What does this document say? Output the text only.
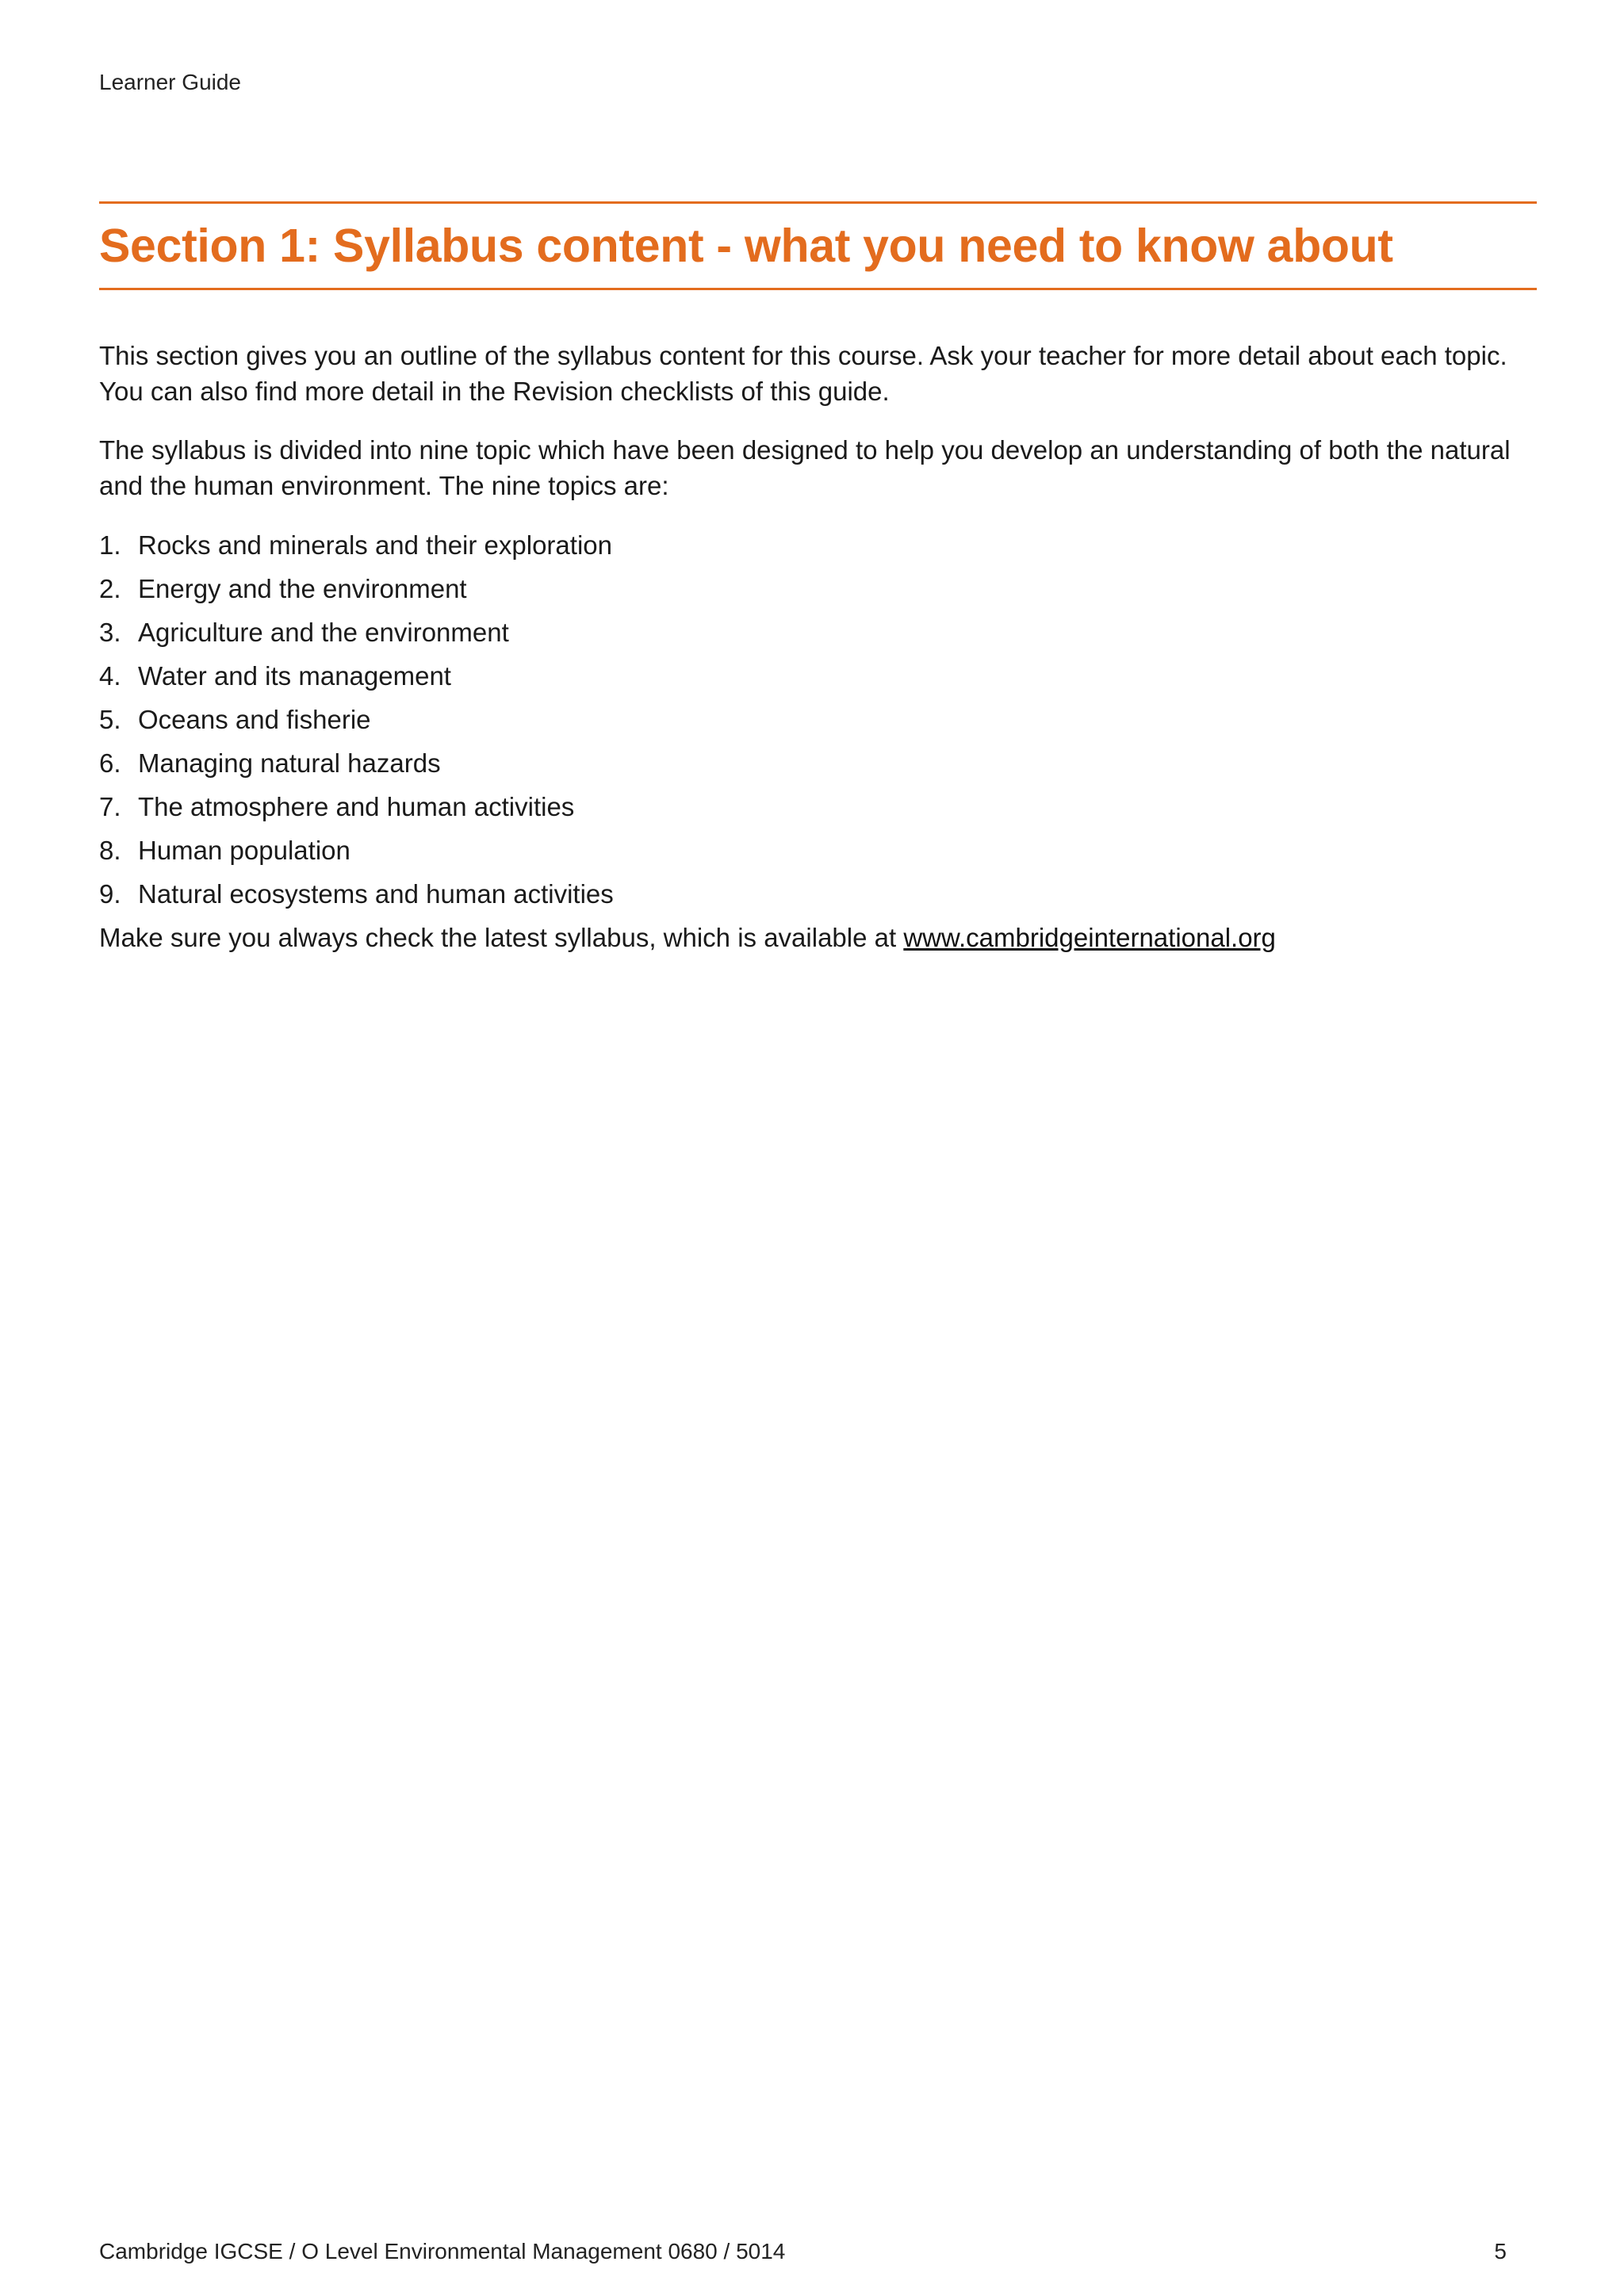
Learner Guide
Section 1: Syllabus content - what you need to know about

This section gives you an outline of the syllabus content for this course. Ask your teacher for more detail about each topic. You can also find more detail in the Revision checklists of this guide.

The syllabus is divided into nine topic which have been designed to help you develop an understanding of both the natural and the human environment. The nine topics are:

1. Rocks and minerals and their exploration
2. Energy and the environment
3. Agriculture and the environment
4. Water and its management
5. Oceans and fisherie
6. Managing natural hazards
7. The atmosphere and human activities
8. Human population
9. Natural ecosystems and human activities
Make sure you always check the latest syllabus, which is available at www.cambridgeinternational.org
Cambridge IGCSE / O Level Environmental Management 0680 / 5014	5
